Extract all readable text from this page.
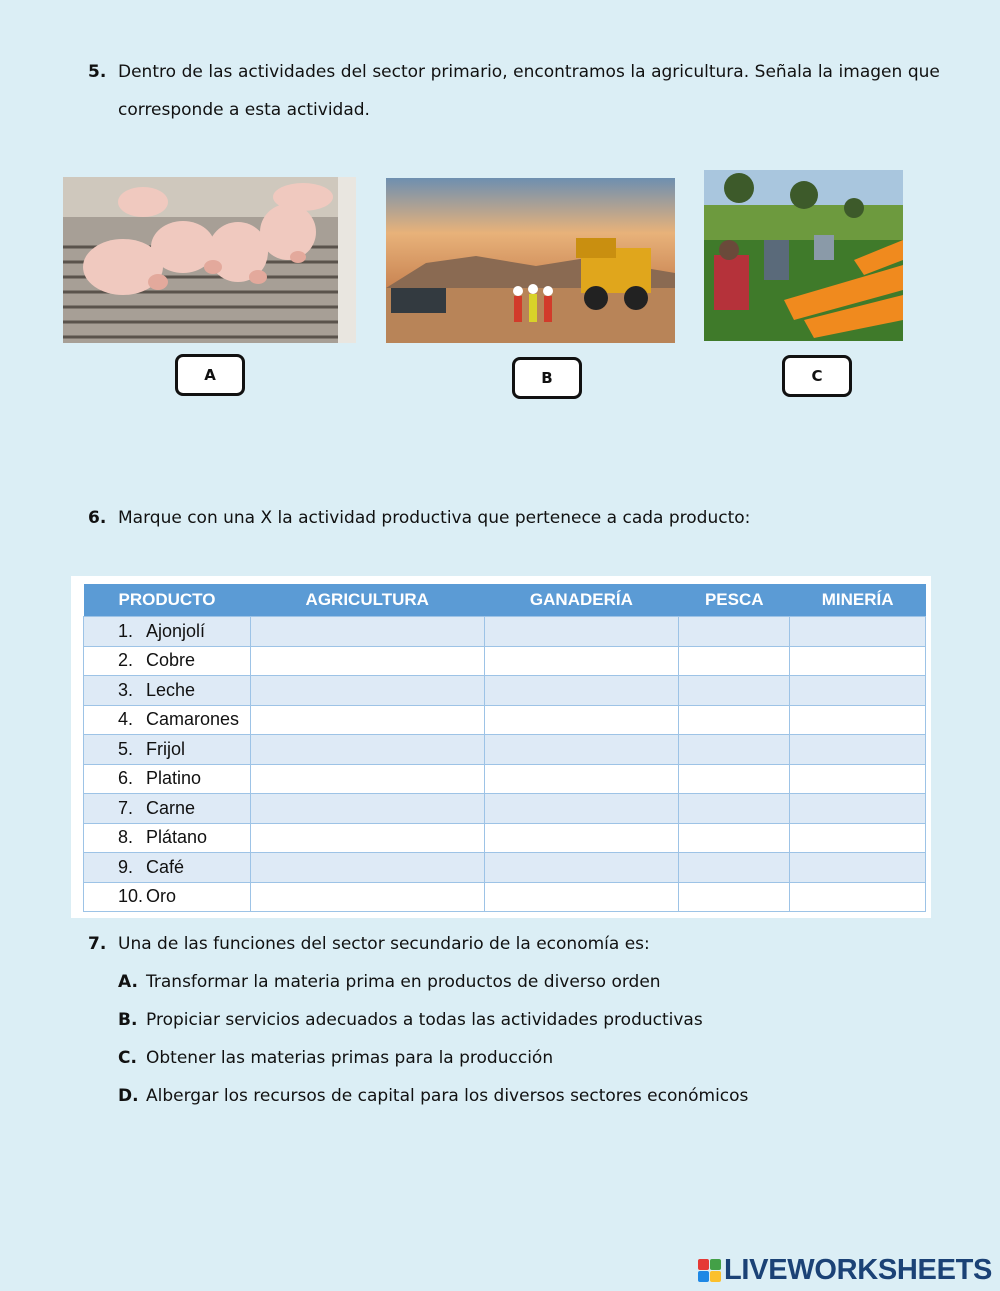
5. Dentro de las actividades del sector primario, encontramos la agricultura. Señala la imagen que
corresponde a esta actividad.
A	B	C
6. Marque con una X la actividad productiva que pertenece a cada producto:
PRODUCTO	AGRICULTURA	GANADERÍA	PESCA	MINERÍA
1. Ajonjolí				
2. Cobre				
3. Leche				
4. Camarones				
5. Frijol				
6. Platino				
7. Carne				
8. Plátano				
9. Café				
10. Oro				
7. Una de las funciones del sector secundario de la economía es:
A. Transformar la materia prima en productos de diverso orden
B. Propiciar servicios adecuados a todas las actividades productivas
C. Obtener las materias primas para la producción
D. Albergar los recursos de capital para los diversos sectores económicos
LIVEWORKSHEETS
